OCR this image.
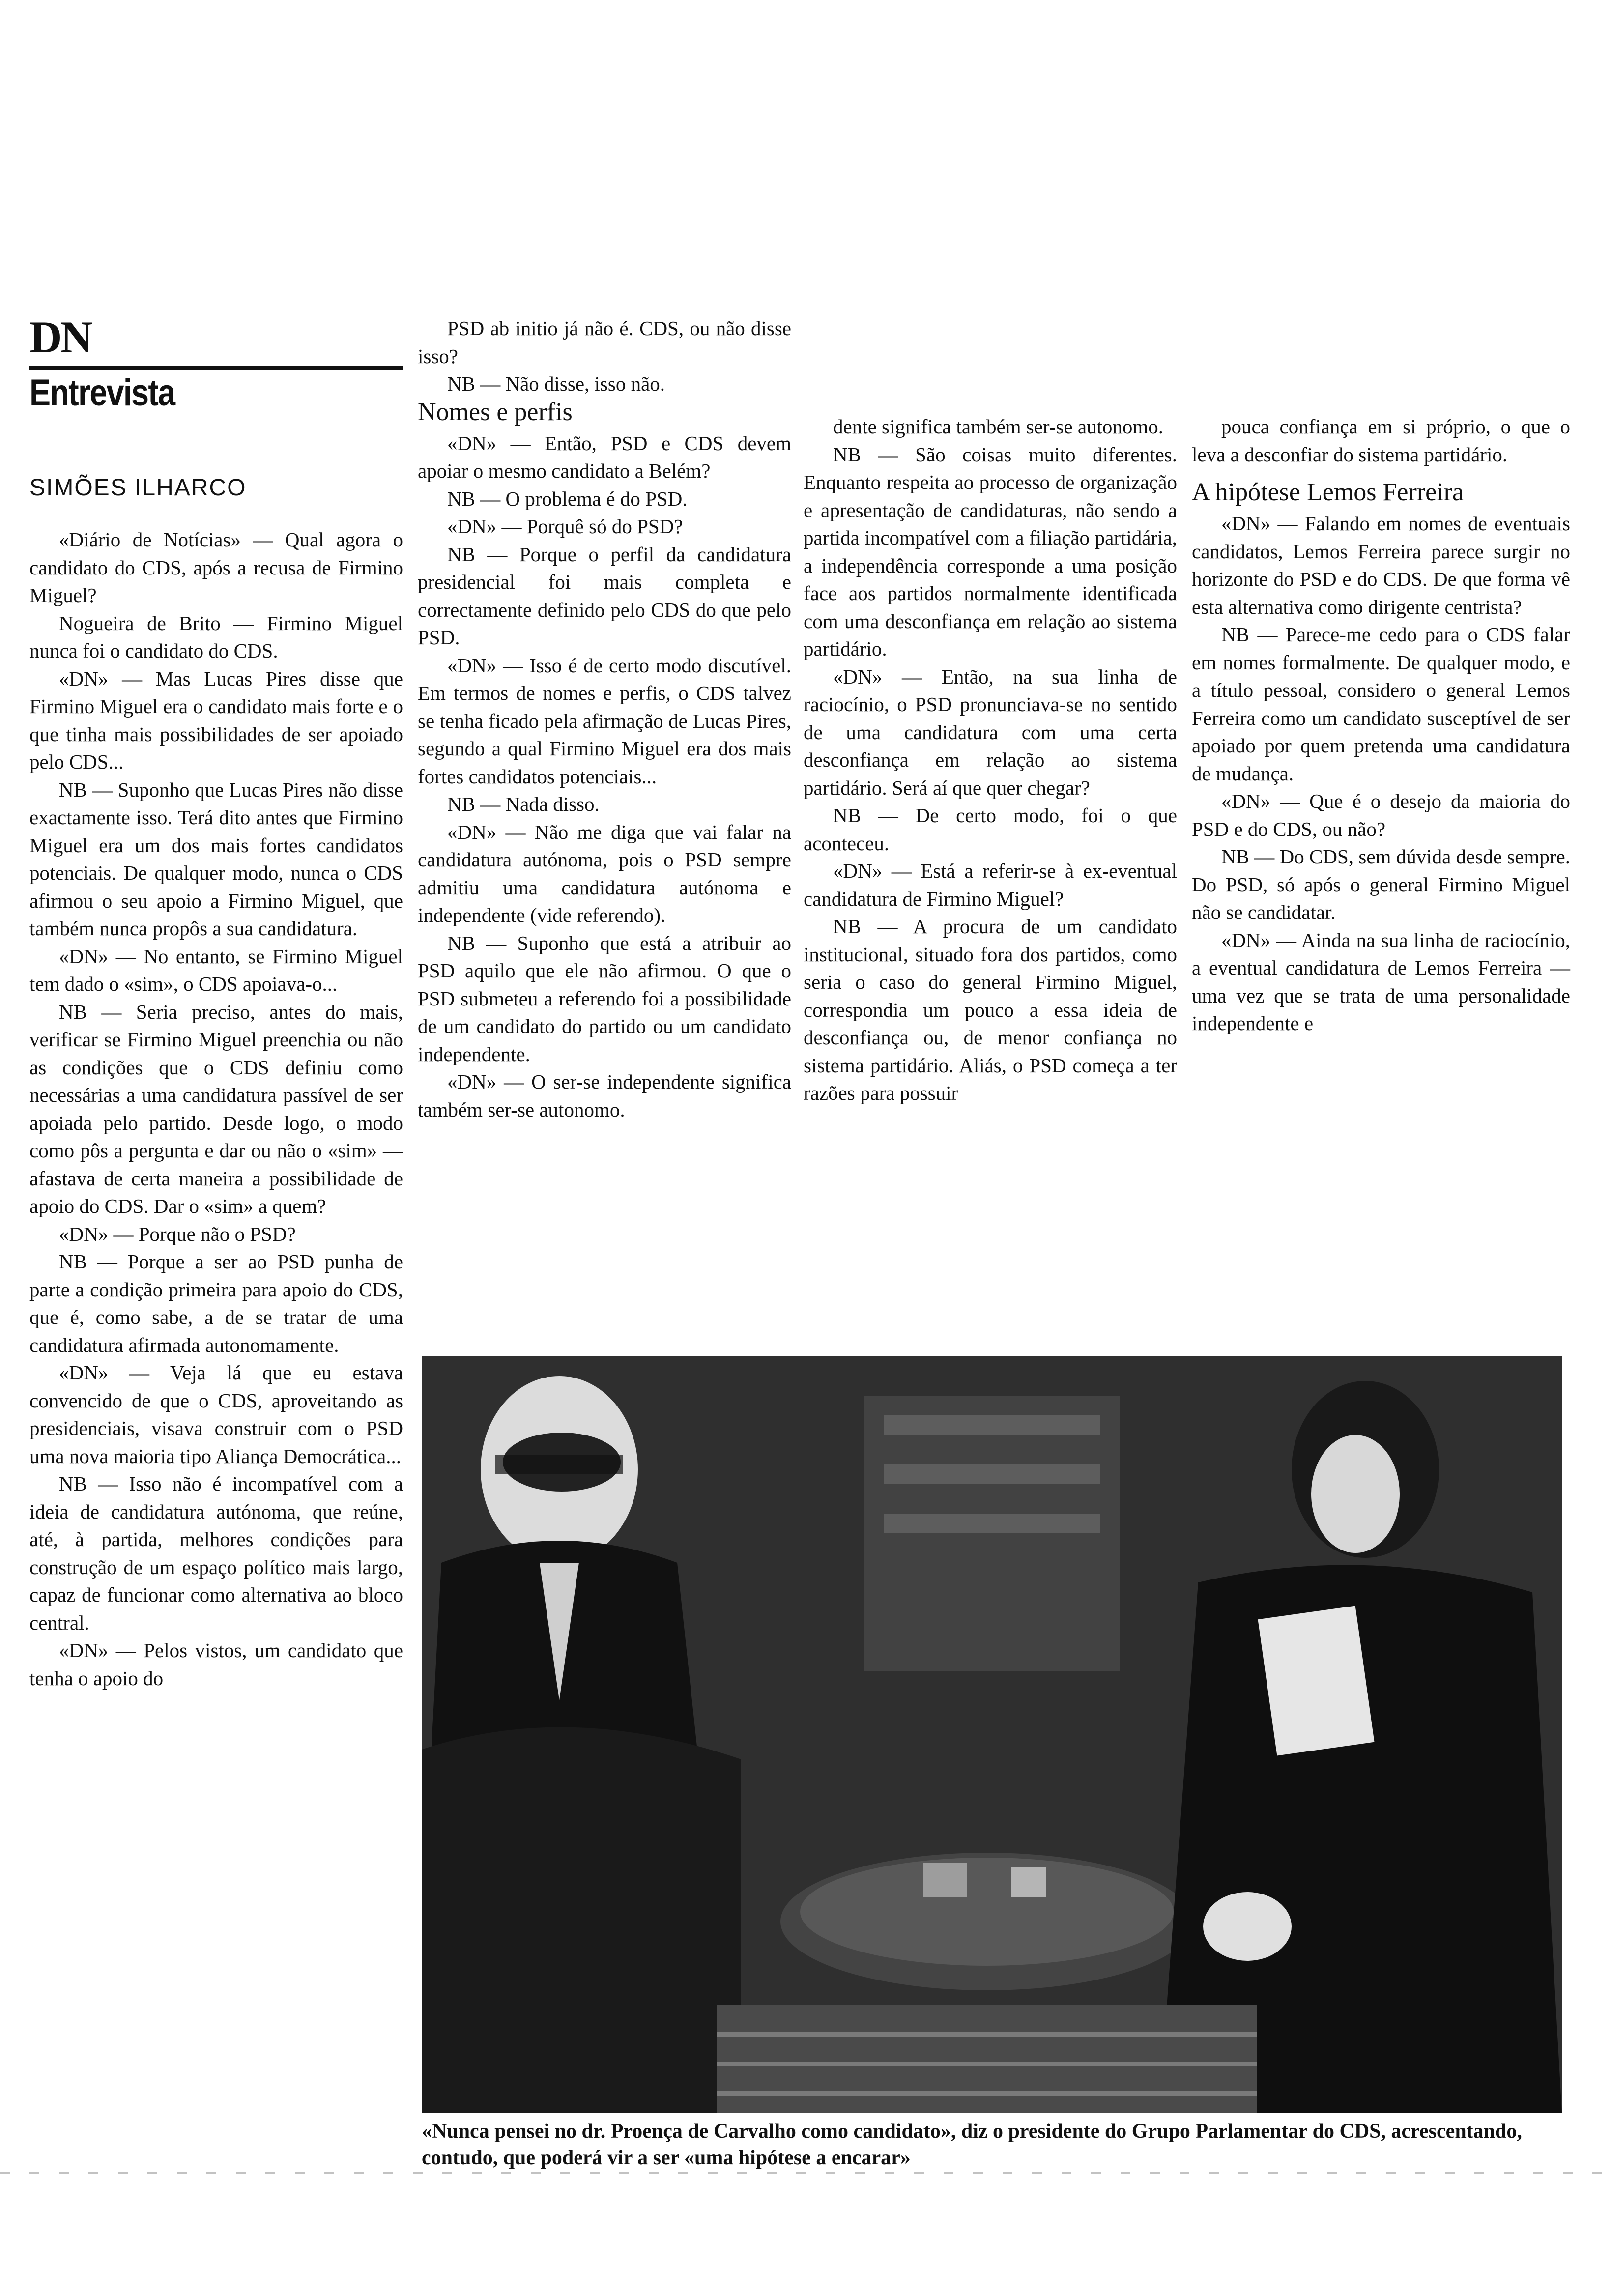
DN
Entrevista
SIMÕES ILHARCO

«Diário de Notícias» — Qual agora o candidato do CDS, após a recusa de Firmino Miguel?

Nogueira de Brito — Firmino Miguel nunca foi o candidato do CDS.

«DN» — Mas Lucas Pires disse que Firmino Miguel era o candidato mais forte e o que tinha mais possibilidades de ser apoiado pelo CDS...

NB — Suponho que Lucas Pires não disse exactamente isso. Terá dito antes que Firmino Miguel era um dos mais fortes candidatos potenciais. De qualquer modo, nunca o CDS afirmou o seu apoio a Firmino Miguel, que também nunca propôs a sua candidatura.

«DN» — No entanto, se Firmino Miguel tem dado o «sim», o CDS apoiava-o...

NB — Seria preciso, antes do mais, verificar se Firmino Miguel preenchia ou não as condições que o CDS definiu como necessárias a uma candidatura passível de ser apoiada pelo partido. Desde logo, o modo como pôs a pergunta e dar ou não o «sim» — afastava de certa maneira a possibilidade de apoio do CDS. Dar o «sim» a quem?

«DN» — Porque não o PSD?

NB — Porque a ser ao PSD punha de parte a condição primeira para apoio do CDS, que é, como sabe, a de se tratar de uma candidatura afirmada autonomamente.

«DN» — Veja lá que eu estava convencido de que o CDS, aproveitando as presidenciais, visava construir com o PSD uma nova maioria tipo Aliança Democrática...

NB — Isso não é incompatível com a ideia de candidatura autónoma, que reúne, até, à partida, melhores condições para construção de um espaço político mais largo, capaz de funcionar como alternativa ao bloco central.

«DN» — Pelos vistos, um candidato que tenha o apoio do

PSD ab initio já não é. CDS, ou não disse isso?

NB — Não disse, isso não.

Nomes e perfis

«DN» — Então, PSD e CDS devem apoiar o mesmo candidato a Belém?

NB — O problema é do PSD.

«DN» — Porquê só do PSD?

NB — Porque o perfil da candidatura presidencial foi mais completa e correctamente definido pelo CDS do que pelo PSD.

«DN» — Isso é de certo modo discutível. Em termos de nomes e perfis, o CDS talvez se tenha ficado pela afirmação de Lucas Pires, segundo a qual Firmino Miguel era dos mais fortes candidatos potenciais...

NB — Nada disso.

«DN» — Não me diga que vai falar na candidatura autónoma, pois o PSD sempre admitiu uma candidatura autónoma e independente (vide referendo).

NB — Suponho que está a atribuir ao PSD aquilo que ele não afirmou. O que o PSD submeteu a referendo foi a possibilidade de um candidato do partido ou um candidato independente.

«DN» — O ser-se independente significa também ser-se autonomo.

dente significa também ser-se autonomo.

NB — São coisas muito diferentes. Enquanto respeita ao processo de organização e apresentação de candidaturas, não sendo a partida incompatível com a filiação partidária, a independência corresponde a uma posição face aos partidos normalmente identificada com uma desconfiança em relação ao sistema partidário.

«DN» — Então, na sua linha de raciocínio, o PSD pronunciava-se no sentido de uma candidatura com uma certa desconfiança em relação ao sistema partidário. Será aí que quer chegar?

NB — De certo modo, foi o que aconteceu.

«DN» — Está a referir-se à ex-eventual candidatura de Firmino Miguel?

NB — A procura de um candidato institucional, situado fora dos partidos, como seria o caso do general Firmino Miguel, correspondia um pouco a essa ideia de desconfiança ou, de menor confiança no sistema partidário. Aliás, o PSD começa a ter razões para possuir

pouca confiança em si próprio, o que o leva a desconfiar do sistema partidário.

A hipótese Lemos Ferreira

«DN» — Falando em nomes de eventuais candidatos, Lemos Ferreira parece surgir no horizonte do PSD e do CDS. De que forma vê esta alternativa como dirigente centrista?

NB — Parece-me cedo para o CDS falar em nomes formalmente. De qualquer modo, e a título pessoal, considero o general Lemos Ferreira como um candidato susceptível de ser apoiado por quem pretenda uma candidatura de mudança.

«DN» — Que é o desejo da maioria do PSD e do CDS, ou não?

NB — Do CDS, sem dúvida desde sempre. Do PSD, só após o general Firmino Miguel não se candidatar.

«DN» — Ainda na sua linha de raciocínio, a eventual candidatura de Lemos Ferreira — uma vez que se trata de uma personalidade independente e

«Nunca pensei no dr. Proença de Carvalho como candidato», diz o presidente do Grupo Parlamentar do CDS, acrescentando, contudo, que poderá vir a ser «uma hipótese a encarar»
